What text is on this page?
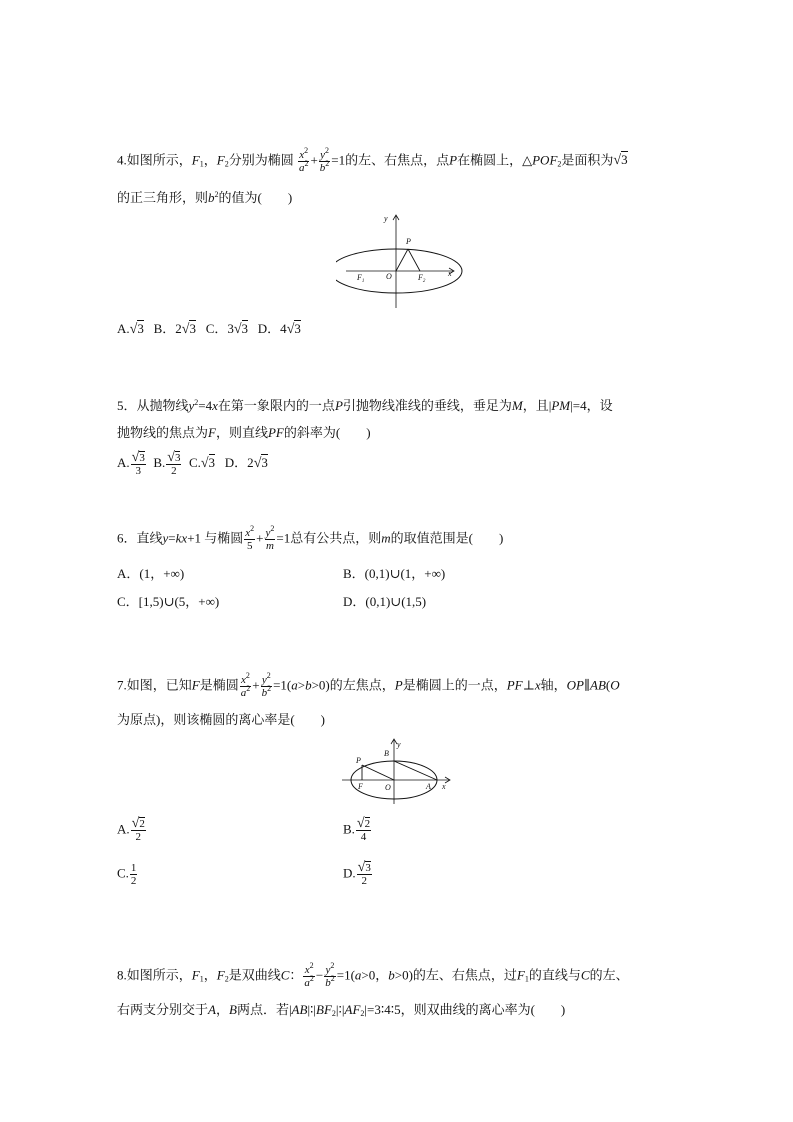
4.如图所示，$F_1$，$F_2$分别为椭圆 $\frac{x^2}{a^2} + \frac{y^2}{b^2} =1$的左、右焦点，点P在椭圆上，$\triangle POF_2$是面积为√3
的正三角形，则$b^2$的值为(　　)
y
P
$F_1$
O	$F_2$
x
A.√3 B．2√3 C．3√3 D．4√3
5．从抛物线$y^2=4x$在第一象限内的一点P引抛物线准线的垂线，垂足为M，且|PM|=4，设
抛物线的焦点为F，则直线PF的斜率为(　　)
A. $\frac{√3}{3} B$. $\frac{√3}{2} C.√3$ D．2√3
6．直线y=kx+1 与椭圆 $\frac{x^2}{5} + \frac{y^2}{m} =1$总有公共点，则m的取值范围是(　　)
A．(1，+∞)	B．(0,1)∪(1，+∞)
C．[1,5)∪(5，+∞)	D．(0,1)∪(1,5)
7.如图，已知F是椭圆 $\frac{x^2}{a^2} + \frac{y^2}{b^2} =1(a>b>0)$的左焦点，P是椭圆上的一点，PF⊥x轴，OP∥AB(O
为原点)，则该椭圆的离心率是(　　)
y
B
P
F	O	A x
A. $\frac{√2}{2}$	B. $\frac{√2}{4}$
C. $\frac{1}{2}$	D. $\frac{√3}{2}$
8.如图所示，$F_1$，$F_2$是双曲线C： $\frac{x^2}{a^2} - \frac{y^2}{b^2} =1(a>0$，b>0)的左、右焦点，过$F_1$的直线与C的左、
右两支分别交于A，B两点．若$|AB|∶|BF_2|∶|AF_2|=3∶4∶5$，则双曲线的离心率为(　　)
